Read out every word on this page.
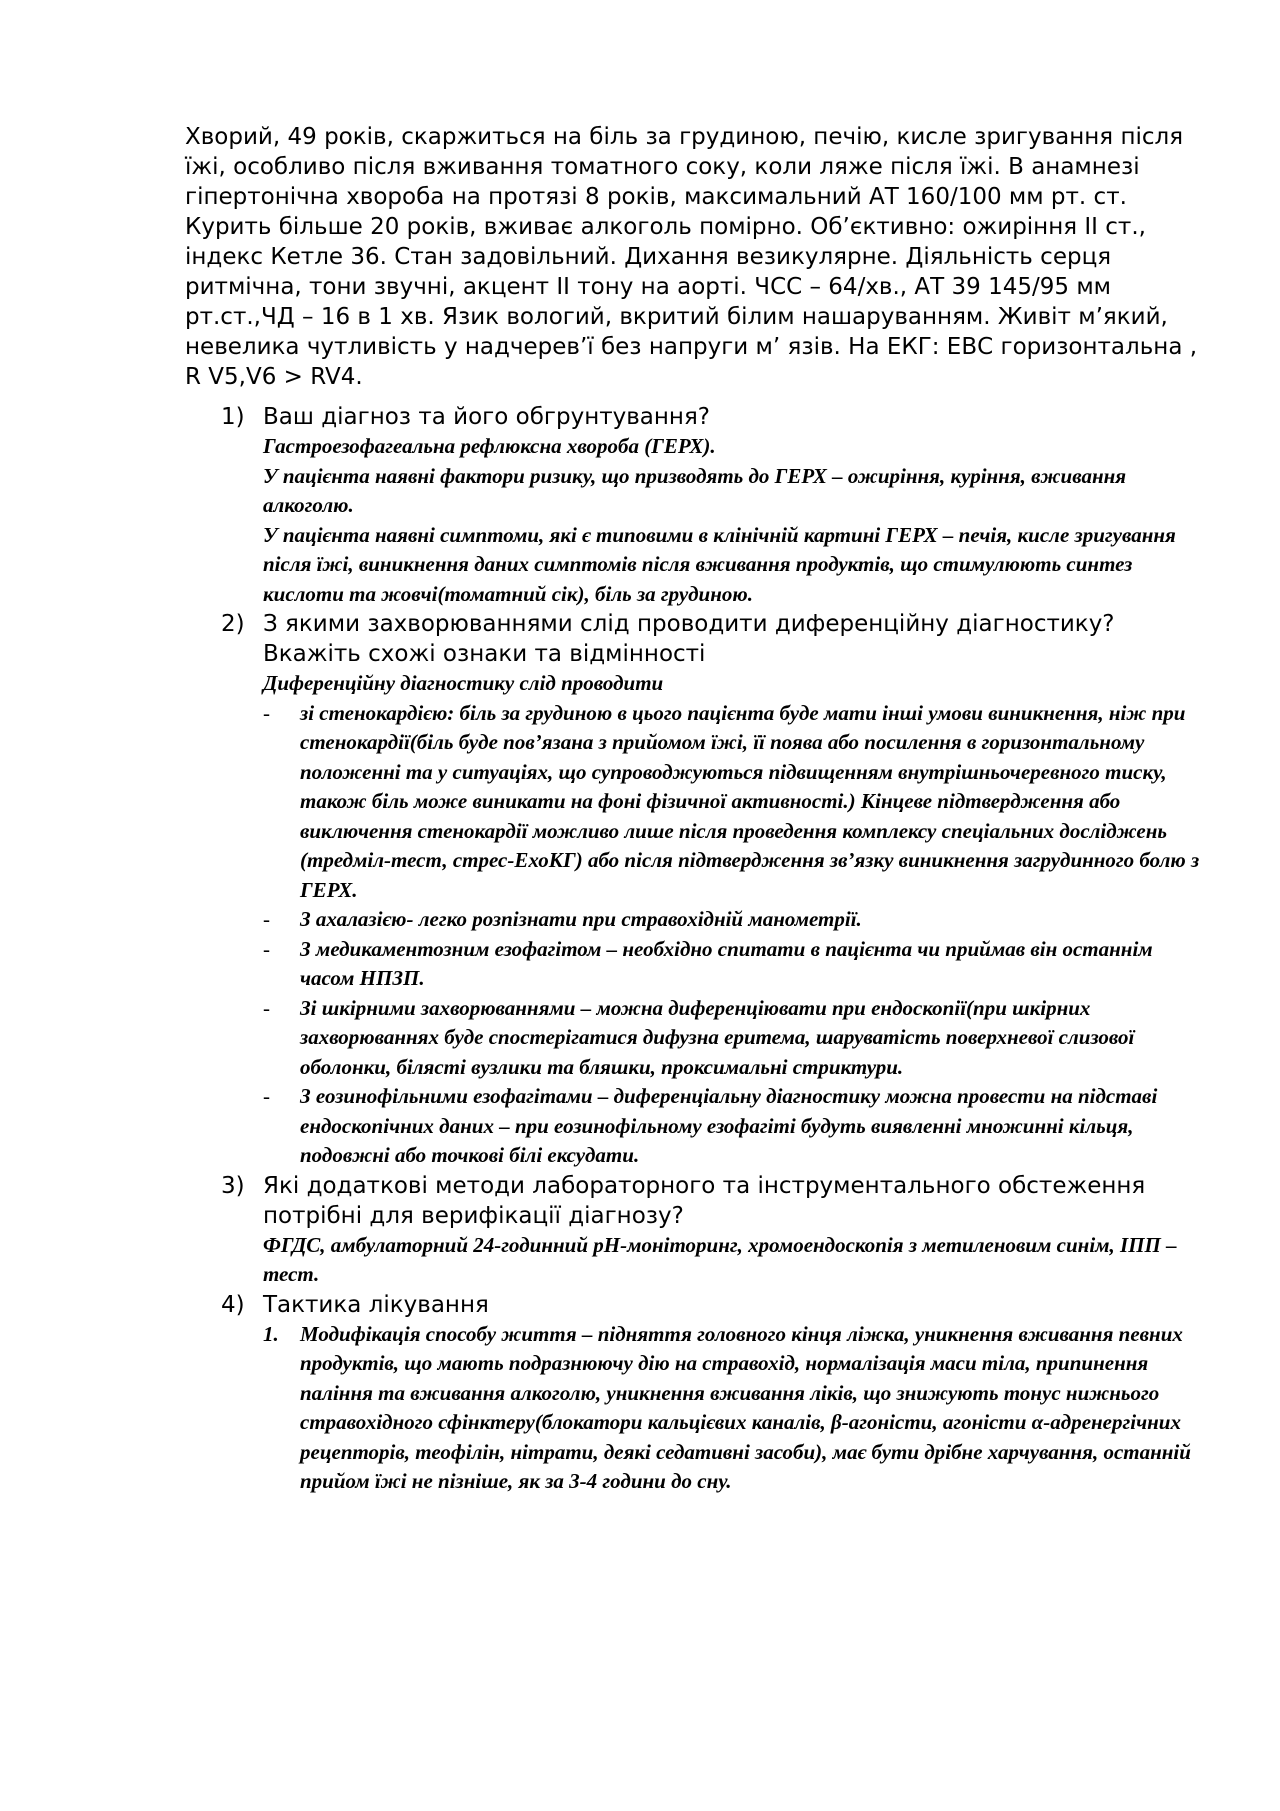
Хворий, 49 років, скаржиться на біль за грудиною, печію, кисле зригування після їжі, особливо після вживання томатного соку, коли ляже після їжі. В анамнезі гіпертонічна хвороба на протязі 8 років, максимальний АТ 160/100 мм рт. ст. Курить більше 20 років, вживає алкоголь помірно. Об’єктивно: ожиріння ІІ ст., індекс Кетле 36. Стан задовільний. Дихання везикулярне. Діяльність серця ритмічна, тони звучні, акцент ІІ тону на аорті. ЧСС – 64/хв., АТ 39 145/95 мм рт.ст.,ЧД – 16 в 1 хв. Язик вологий, вкритий білим нашаруванням. Живіт м’який, невелика чутливість у надчерев’ї без напруги м’ язів. На ЕКГ: ЕВС горизонтальна , R V5,V6 > RV4.

1) Ваш діагноз та його обгрунтування?

Гастроезофагеальна рефлюксна хвороба (ГЕРХ).

У пацієнта наявні фактори ризику, що призводять до ГЕРХ – ожиріння, куріння, вживання алкоголю.

У пацієнта наявні симптоми, які є типовими в клінічній картині ГЕРХ – печія, кисле зригування після їжі, виникнення даних симптомів після вживання продуктів, що стимулюють синтез кислоти та жовчі(томатний сік), біль за грудиною.

2) З якими захворюваннями слід проводити диференційну діагностику? Вкажіть схожі ознаки та відмінності

Диференційну діагностику слід проводити

- зі стенокардією: біль за грудиною в цього пацієнта буде мати інші умови виникнення, ніж при стенокардії(біль буде пов’язана з прийомом їжі, її поява або посилення в горизонтальному положенні та у ситуаціях, що супроводжуються підвищенням внутрішньочеревного тиску, також біль може виникати на фоні фізичної активності.) Кінцеве підтвердження або виключення стенокардії можливо лише після проведення комплексу спеціальних досліджень (тредміл-тест, стрес-ЕхоКГ) або після підтвердження зв’язку виникнення загрудинного болю з ГЕРХ.

- З ахалазією- легко розпізнати при стравохідній манометрії.

- З медикаментозним езофагітом – необхідно спитати в пацієнта чи приймав він останнім часом НПЗП.

- Зі шкірними захворюваннями – можна диференціювати при ендоскопії(при шкірних захворюваннях буде спостерігатися дифузна еритема, шаруватість поверхневої слизової оболонки, білясті вузлики та бляшки, проксимальні стриктури.

- З еозинофільними езофагітами – диференціальну діагностику можна провести на підставі ендоскопічних даних – при еозинофільному езофагіті будуть виявленні множинні кільця, подовжні або точкові білі ексудати.

3) Які додаткові методи лабораторного та інструментального обстеження потрібні для верифікації діагнозу?

ФГДС, амбулаторний 24-годинний рН-моніторинг, хромоендоскопія з метиленовим синім, ІПП – тест.

4) Тактика лікування

1. Модифікація способу життя – підняття головного кінця ліжка, уникнення вживання певних продуктів, що мають подразнюючу дію на стравохід, нормалізація маси тіла, припинення паління та вживання алкоголю, уникнення вживання ліків, що знижують тонус нижнього стравохідного сфінктеру(блокатори кальцієвих каналів, β-агоністи, агоністи α-адренергічних рецепторів, теофілін, нітрати, деякі седативні засоби), має бути дрібне харчування, останній прийом їжі не пізніше, як за 3-4 години до сну.
